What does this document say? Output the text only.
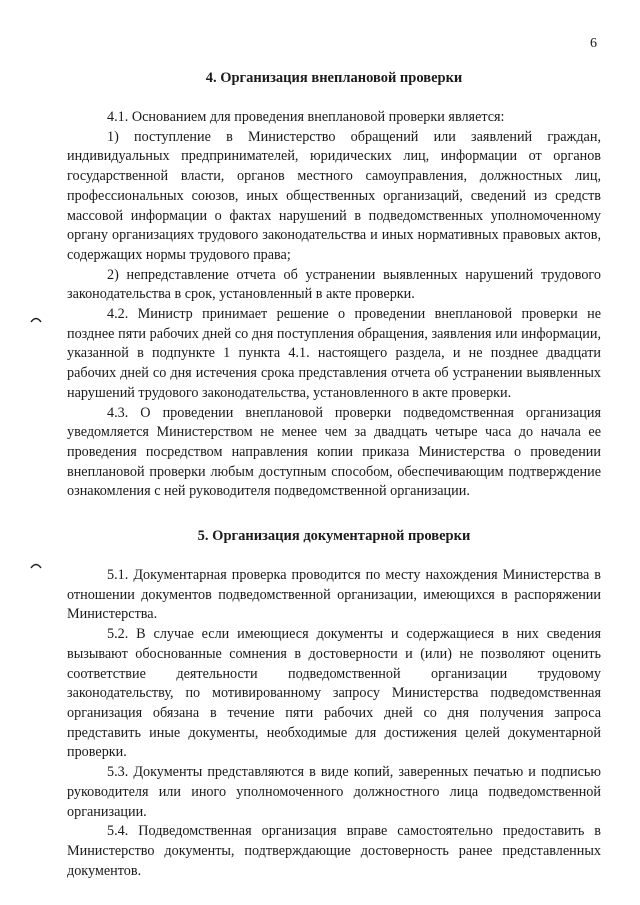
6
4. Организация внеплановой проверки

4.1. Основанием для проведения внеплановой проверки является:

1) поступление в Министерство обращений или заявлений граждан, индивидуальных предпринимателей, юридических лиц, информации от органов государственной власти, органов местного самоуправления, должностных лиц, профессиональных союзов, иных общественных организаций, сведений из средств массовой информации о фактах нарушений в подведомственных уполномоченному органу организациях трудового законодательства и иных нормативных правовых актов, содержащих нормы трудового права;

2) непредставление отчета об устранении выявленных нарушений трудового законодательства в срок, установленный в акте проверки.

4.2. Министр принимает решение о проведении внеплановой проверки не позднее пяти рабочих дней со дня поступления обращения, заявления или информации, указанной в подпункте 1 пункта 4.1. настоящего раздела, и не позднее двадцати рабочих дней со дня истечения срока представления отчета об устранении выявленных нарушений трудового законодательства, установленного в акте проверки.

4.3. О проведении внеплановой проверки подведомственная организация уведомляется Министерством не менее чем за двадцать четыре часа до начала ее проведения посредством направления копии приказа Министерства о проведении внеплановой проверки любым доступным способом, обеспечивающим подтверждение ознакомления с ней руководителя подведомственной организации.

5. Организация документарной проверки

5.1. Документарная проверка проводится по месту нахождения Министерства в отношении документов подведомственной организации, имеющихся в распоряжении Министерства.

5.2. В случае если имеющиеся документы и содержащиеся в них сведения вызывают обоснованные сомнения в достоверности и (или) не позволяют оценить соответствие деятельности подведомственной организации трудовому законодательству, по мотивированному запросу Министерства подведомственная организация обязана в течение пяти рабочих дней со дня получения запроса представить иные документы, необходимые для достижения целей документарной проверки.

5.3. Документы представляются в виде копий, заверенных печатью и подписью руководителя или иного уполномоченного должностного лица подведомственной организации.

5.4. Подведомственная организация вправе самостоятельно предоставить в Министерство документы, подтверждающие достоверность ранее представленных документов.
